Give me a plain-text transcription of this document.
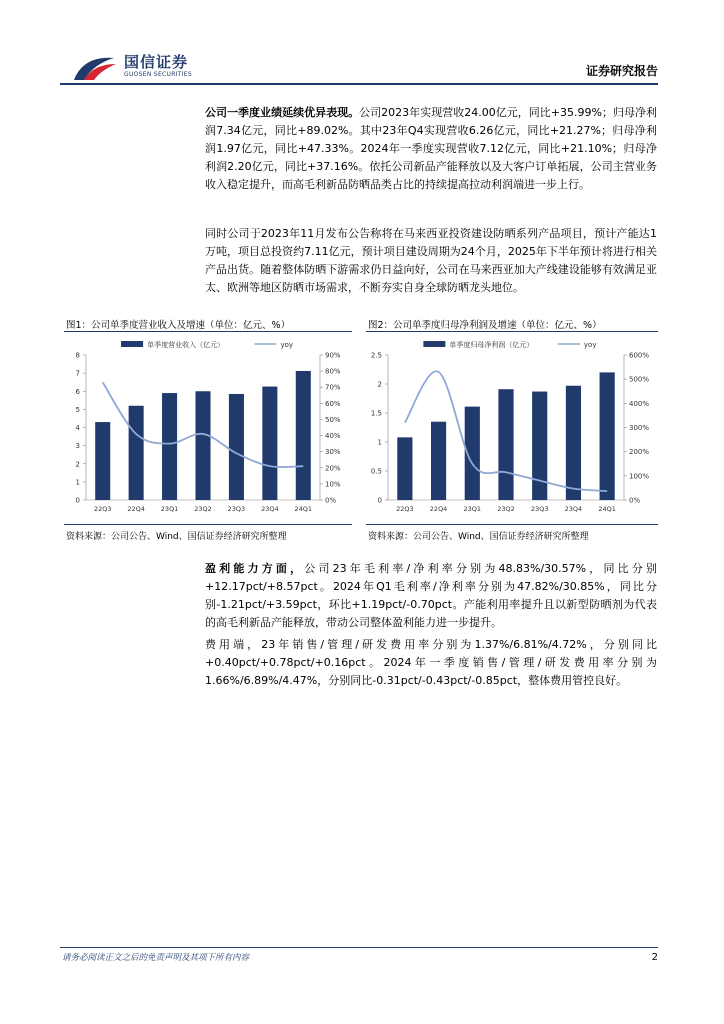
国信证券
GUOSEN SECURITIES	证券研究报告

公司一季度业绩延续优异表现。公司2023年实现营收24.00亿元，同比+35.99%；归母净利润7.34亿元，同比+89.02%。其中23年Q4实现营收6.26亿元，同比+21.27%；归母净利润1.97亿元，同比+47.33%。2024年一季度实现营收7.12亿元，同比+21.10%；归母净利润2.20亿元，同比+37.16%。依托公司新品产能释放以及大客户订单拓展，公司主营业务收入稳定提升，而高毛利新品防晒品类占比的持续提高拉动利润端进一步上行。

同时公司于2023年11月发布公告称将在马来西亚投资建设防晒系列产品项目，预计产能达1万吨，项目总投资约7.11亿元，预计项目建设周期为24个月，2025年下半年预计将进行相关产品出货。随着整体防晒下游需求仍日益向好，公司在马来西亚加大产线建设能够有效满足亚太、欧洲等地区防晒市场需求，不断夯实自身全球防晒龙头地位。

图1：公司单季度营业收入及增速（单位：亿元、%）
0
1
2
3
4
5
6
7
8
0%
10%
20%
30%
40%
50%
60%
70%
80%
90%
22Q3 22Q4 23Q1 23Q2 23Q3 23Q4 24Q1
单季度营业收入（亿元）	yoy
资料来源：公司公告、Wind、国信证券经济研究所整理
图2：公司单季度归母净利润及增速（单位：亿元、%）
0
0.5
1
1.5
2
2.5
0%
100%
200%
300%
400%
500%
600%
22Q3 22Q4 23Q1 23Q2 23Q3 23Q4 24Q1
单季度归母净利润（亿元）	yoy
资料来源：公司公告、Wind、国信证券经济研究所整理

盈利能力方面，公司23年毛利率/净利率分别为48.83%/30.57%，同比分别+12.17pct/+8.57pct。2024年Q1毛利率/净利率分别为47.82%/30.85%，同比分别-1.21pct/+3.59pct，环比+1.19pct/-0.70pct。产能利用率提升且以新型防晒剂为代表的高毛利新品产能释放，带动公司整体盈利能力进一步提升。

费用端，23年销售/管理/研发费用率分别为1.37%/6.81%/4.72%，分别同比+0.40pct/+0.78pct/+0.16pct。2024年一季度销售/管理/研发费用率分别为1.66%/6.89%/4.47%，分别同比-0.31pct/-0.43pct/-0.85pct，整体费用管控良好。

请务必阅读正文之后的免责声明及其项下所有内容	2
